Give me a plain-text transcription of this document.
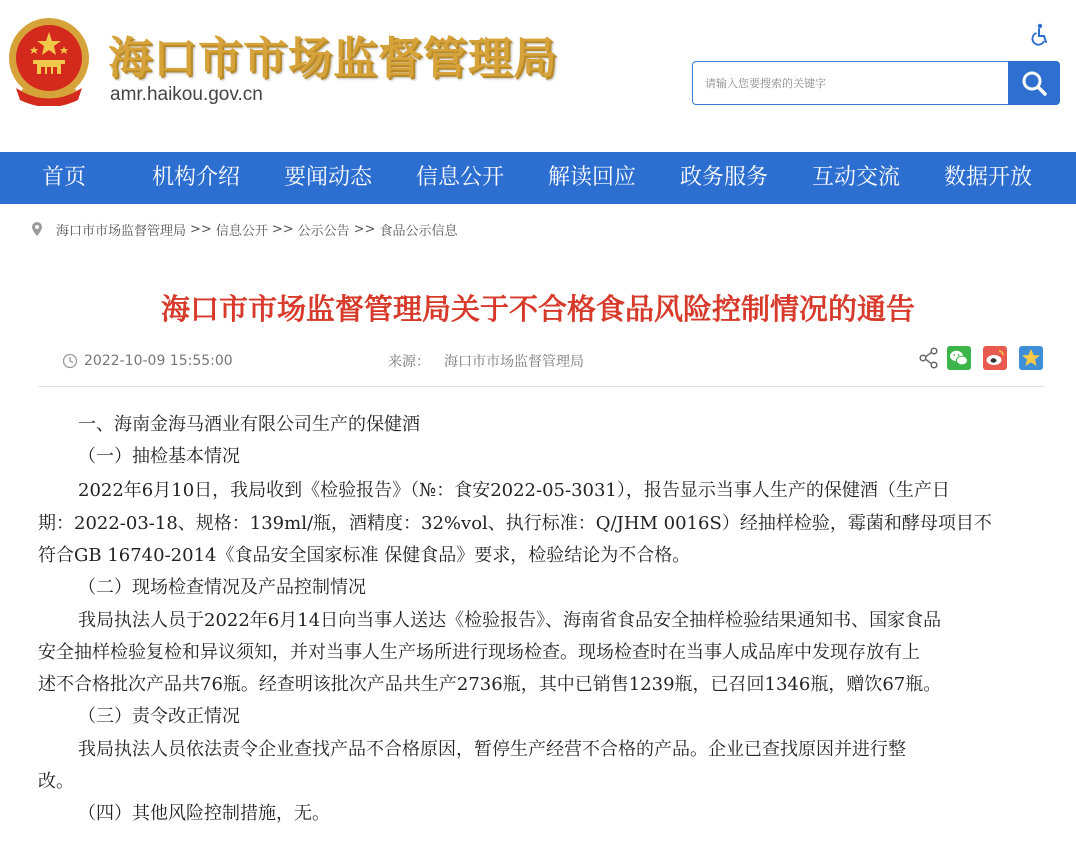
海口市市场监督管理局
amr.haikou.gov.cn
请输入您要搜索的关键字
首页	机构介绍 要闻动态 信息公开 解读回应 政务服务 互动交流 数据开放
海口市市场监督管理局 >> 信息公开 >> 公示公告 >> 食品公示信息
海口市市场监督管理局关于不合格食品风险控制情况的通告
2022-10-09 15:55:00	来源： 海口市市场监督管理局
一、海南金海马酒业有限公司生产的保健酒
（一）抽检基本情况
2022年6月10日，我局收到《检验报告》（№：食安2022-05-3031），报告显示当事人生产的保健酒（生产日
期：2022-03-18、规格：139ml/瓶，酒精度：32%vol、执行标准：Q/JHM 0016S）经抽样检验，霉菌和酵母项目不
符合GB 16740-2014《食品安全国家标准 保健食品》要求，检验结论为不合格。
（二）现场检查情况及产品控制情况
我局执法人员于2022年6月14日向当事人送达《检验报告》、海南省食品安全抽样检验结果通知书、国家食品
安全抽样检验复检和异议须知，并对当事人生产场所进行现场检查。现场检查时在当事人成品库中发现存放有上
述不合格批次产品共76瓶。经查明该批次产品共生产2736瓶，其中已销售1239瓶，已召回1346瓶，赠饮67瓶。
（三）责令改正情况
我局执法人员依法责令企业查找产品不合格原因，暂停生产经营不合格的产品。企业已查找原因并进行整
改。
（四）其他风险控制措施，无。
